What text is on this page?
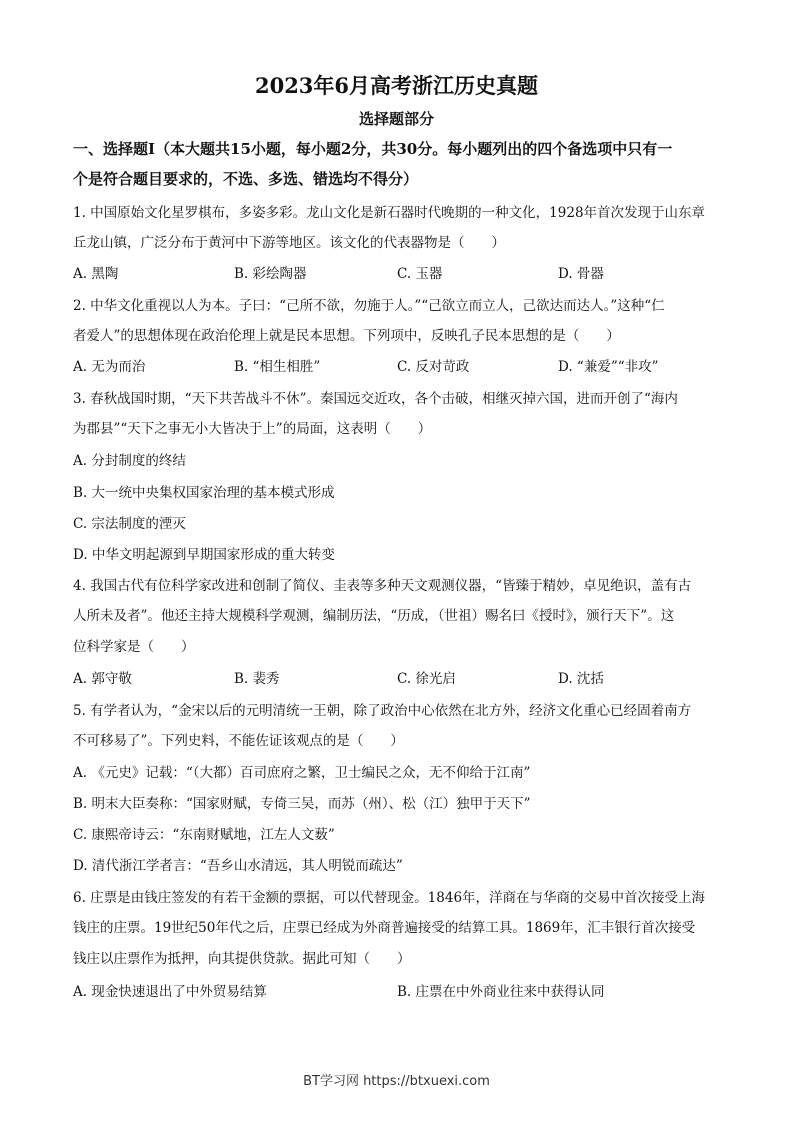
2023年6月高考浙江历史真题
选择题部分
一、选择题Ⅰ（本大题共15小题，每小题2分，共30分。每小题列出的四个备选项中只有一
个是符合题目要求的，不选、多选、错选均不得分）
1. 中国原始文化星罗棋布，多姿多彩。龙山文化是新石器时代晚期的一种文化，1928年首次发现于山东章
丘龙山镇，广泛分布于黄河中下游等地区。该文化的代表器物是（　　）
A. 黑陶	B. 彩绘陶器	C. 玉器	D. 骨器
2. 中华文化重视以人为本。子曰：“己所不欲，勿施于人。”“己欲立而立人，己欲达而达人。”这种“仁
者爱人”的思想体现在政治伦理上就是民本思想。下列项中，反映孔子民本思想的是（　　）
A. 无为而治	B. “相生相胜”	C. 反对苛政	D. “兼爱”“非攻”
3. 春秋战国时期，“天下共苦战斗不休”。秦国远交近攻，各个击破，相继灭掉六国，进而开创了“海内
为郡县”“天下之事无小大皆决于上”的局面，这表明（　　）
A. 分封制度的终结
B. 大一统中央集权国家治理的基本模式形成
C. 宗法制度的湮灭
D. 中华文明起源到早期国家形成的重大转变
4. 我国古代有位科学家改进和创制了简仪、圭表等多种天文观测仪器，“皆臻于精妙，卓见绝识，盖有古
人所未及者”。他还主持大规模科学观测，编制历法，“历成，（世祖）赐名曰《授时》，颁行天下”。这
位科学家是（　　）
A. 郭守敬	B. 裴秀	C. 徐光启	D. 沈括
5. 有学者认为，“金宋以后的元明清统一王朝，除了政治中心依然在北方外，经济文化重心已经固着南方
不可移易了”。下列史料，不能佐证该观点的是（　　）
A. 《元史》记载：“（大都）百司庶府之繁，卫士编民之众，无不仰给于江南”
B. 明末大臣奏称：“国家财赋，专倚三吴，而苏（州）、松（江）独甲于天下”
C. 康熙帝诗云：“东南财赋地，江左人文薮”
D. 清代浙江学者言：“吾乡山水清远，其人明锐而疏达”
6. 庄票是由钱庄签发的有若干金额的票据，可以代替现金。1846年，洋商在与华商的交易中首次接受上海
钱庄的庄票。19世纪50年代之后，庄票已经成为外商普遍接受的结算工具。1869年，汇丰银行首次接受
钱庄以庄票作为抵押，向其提供贷款。据此可知（　　）
A. 现金快速退出了中外贸易结算	B. 庄票在中外商业往来中获得认同
BT学习网 https://btxuexi.com
